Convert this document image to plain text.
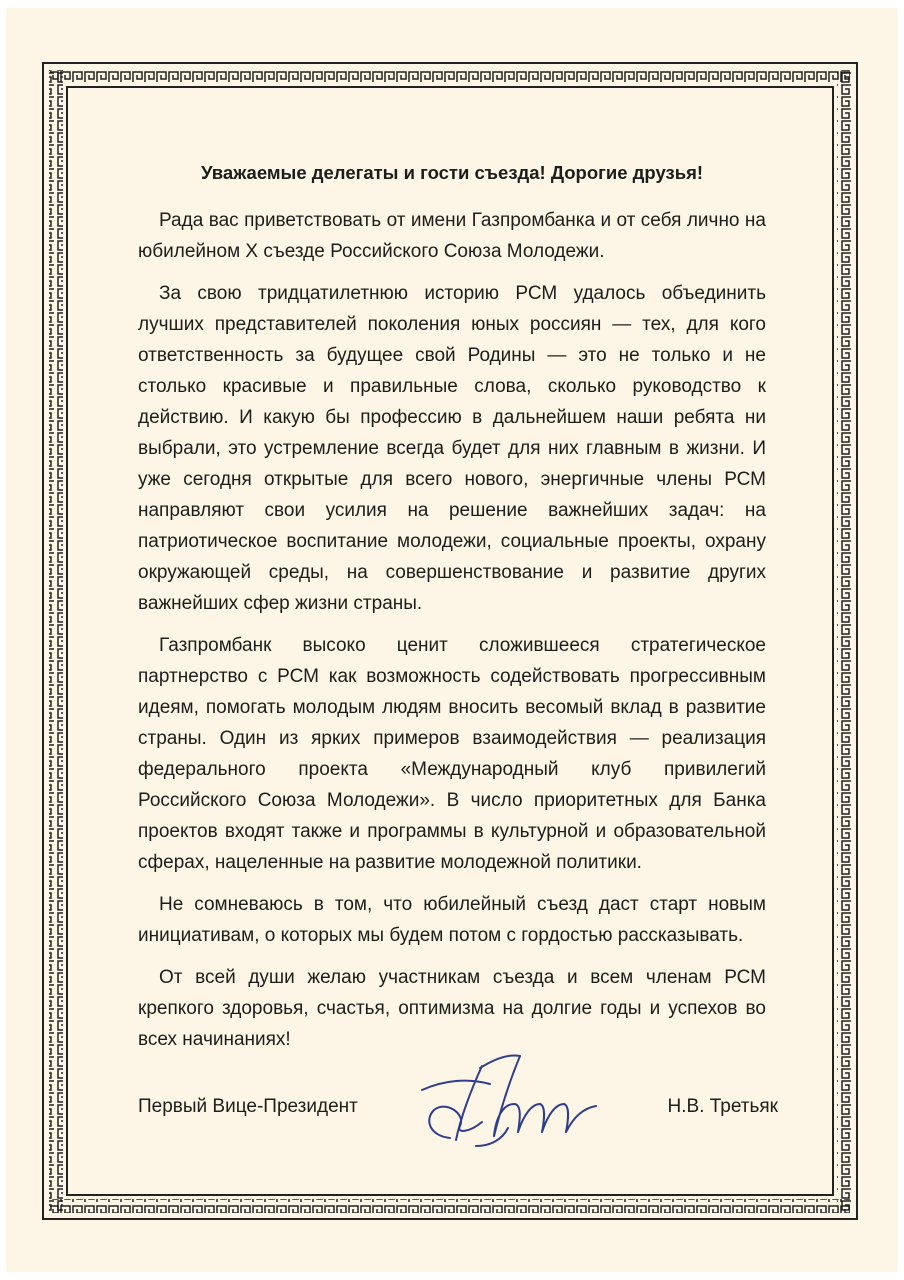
Уважаемые делегаты и гости съезда! Дорогие друзья!

Рада вас приветствовать от имени Газпромбанка и от себя лично на юбилейном X съезде Российского Союза Молодежи.

За свою тридцатилетнюю историю РСМ удалось объединить лучших представителей поколения юных россиян — тех, для кого ответственность за будущее свой Родины — это не только и не столько красивые и правильные слова, сколько руководство к действию. И какую бы профессию в дальнейшем наши ребята ни выбрали, это устремление всегда будет для них главным в жизни. И уже сегодня открытые для всего нового, энергичные члены РСМ направляют свои усилия на решение важнейших задач: на патриотическое воспитание молодежи, социальные проекты, охрану окружающей среды, на совершенствование и развитие других важнейших сфер жизни страны.

Газпромбанк высоко ценит сложившееся стратегическое партнерство с РСМ как возможность содействовать прогрессивным идеям, помогать молодым людям вносить весомый вклад в развитие страны. Один из ярких примеров взаимодействия — реализация федерального проекта «Международный клуб привилегий Российского Союза Молодежи». В число приоритетных для Банка проектов входят также и программы в культурной и образовательной сферах, нацеленные на развитие молодежной политики.

Не сомневаюсь в том, что юбилейный съезд даст старт новым инициативам, о которых мы будем потом с гордостью рассказывать.

От всей души желаю участникам съезда и всем членам РСМ крепкого здоровья, счастья, оптимизма на долгие годы и успехов во всех начинаниях!

Первый Вице-Президент	Н.В. Третьяк
